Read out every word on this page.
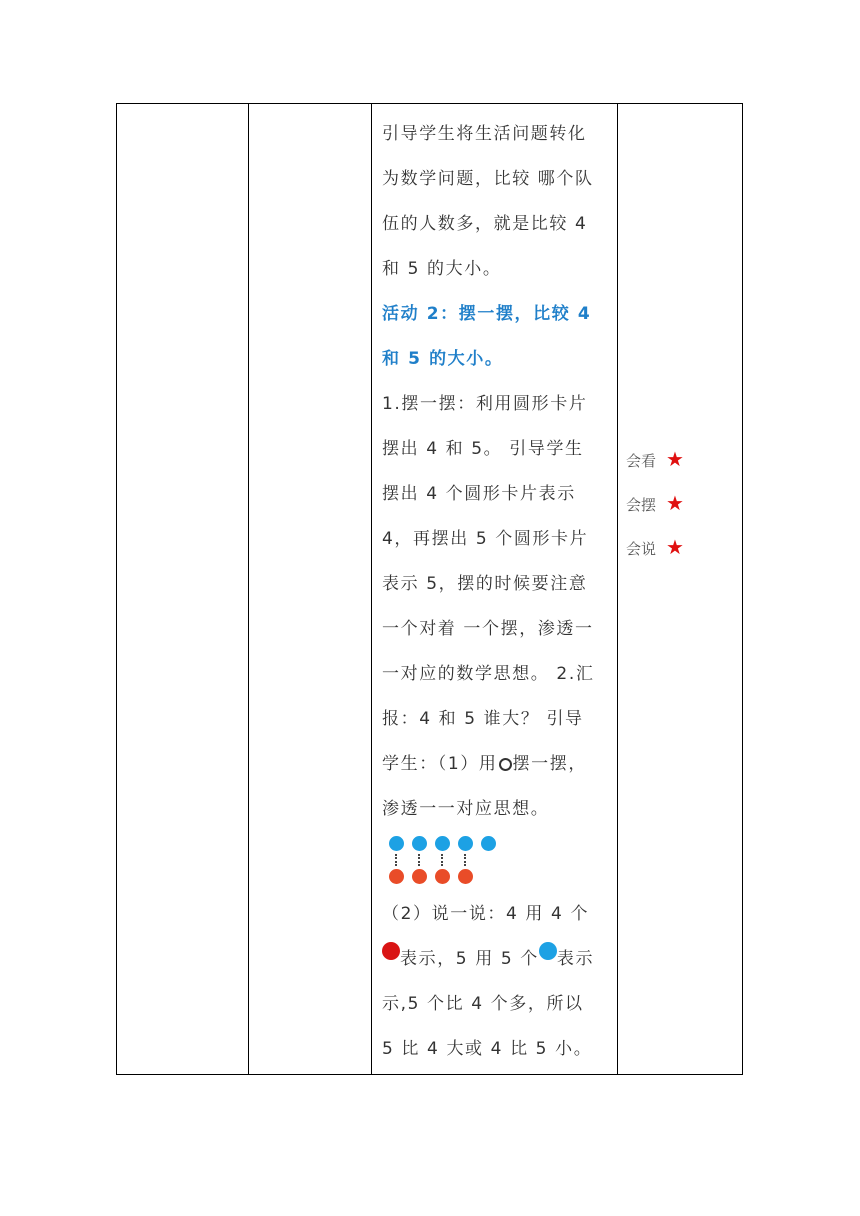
引导学生将生活问题转化
为数学问题，比较 哪个队
伍的人数多，就是比较 4
和 5 的大小。
活动 2：摆一摆，比较 4
和 5 的大小。
1.摆一摆：利用圆形卡片
摆出 4 和 5。 引导学生
摆出 4 个圆形卡片表示
4，再摆出 5 个圆形卡片
表示 5，摆的时候要注意
一个对着 一个摆，渗透一
一对应的数学思想。 2.汇
报：4 和 5 谁大？ 引导
学生：（1）用 摆一摆，
渗透一一对应思想。
（2）说一说：4 用 4 个
表示，5 用 5 个 表示
示,5 个比 4 个多，所以
5 比 4 大或 4 比 5 小。
会看 ★
会摆 ★
会说 ★
